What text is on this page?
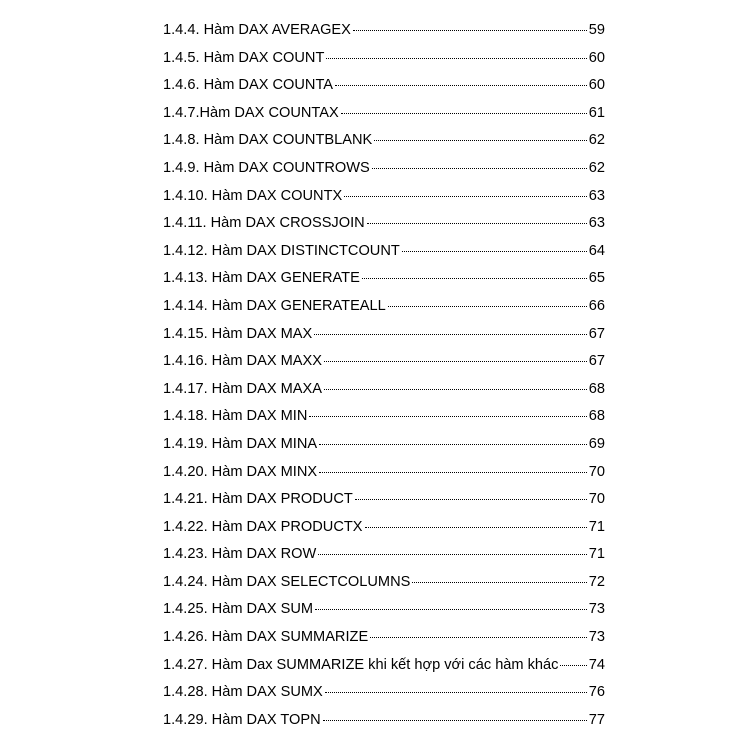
1.4.4. Hàm DAX AVERAGEX	59
1.4.5. Hàm DAX COUNT	60
1.4.6. Hàm DAX COUNTA	60
1.4.7.Hàm DAX COUNTAX	61
1.4.8. Hàm DAX COUNTBLANK	62
1.4.9. Hàm DAX COUNTROWS	62
1.4.10. Hàm DAX COUNTX	63
1.4.11. Hàm DAX CROSSJOIN	63
1.4.12. Hàm DAX DISTINCTCOUNT	64
1.4.13. Hàm DAX GENERATE	65
1.4.14. Hàm DAX GENERATEALL	66
1.4.15. Hàm DAX MAX	67
1.4.16. Hàm DAX MAXX	67
1.4.17. Hàm DAX MAXA	68
1.4.18. Hàm DAX MIN	68
1.4.19. Hàm DAX MINA	69
1.4.20. Hàm DAX MINX	70
1.4.21. Hàm DAX PRODUCT	70
1.4.22. Hàm DAX PRODUCTX	71
1.4.23. Hàm DAX ROW	71
1.4.24. Hàm DAX SELECTCOLUMNS	72
1.4.25. Hàm DAX SUM	73
1.4.26. Hàm DAX SUMMARIZE	73
1.4.27. Hàm Dax SUMMARIZE khi kết hợp với các hàm khác 74
1.4.28. Hàm DAX SUMX	76
1.4.29. Hàm DAX TOPN	77
